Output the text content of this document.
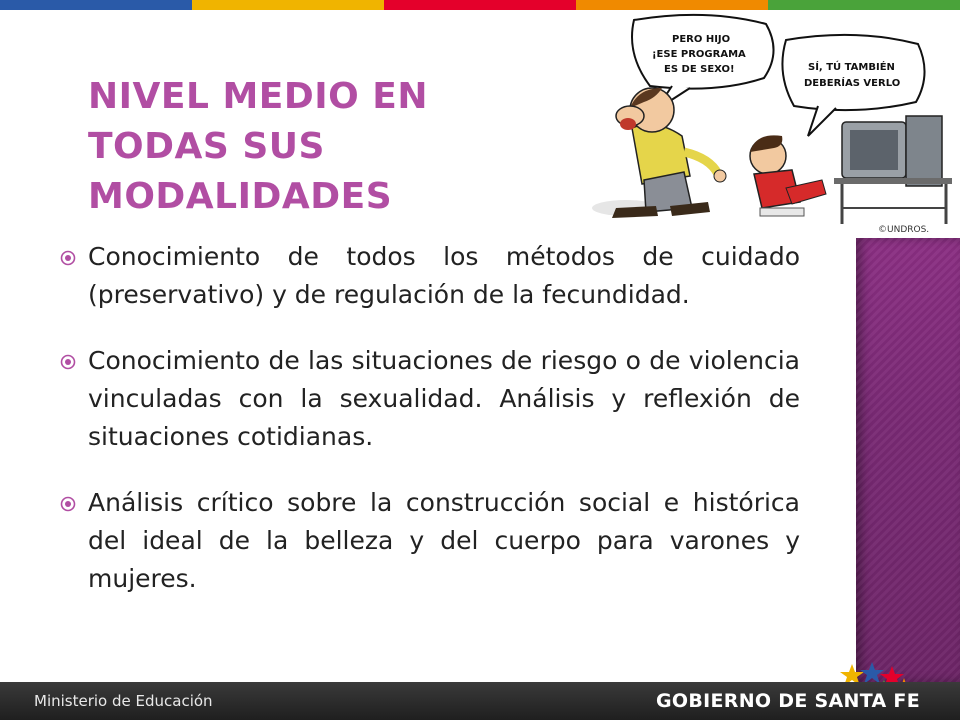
NIVEL MEDIO EN
TODAS SUS
MODALIDADES
PERO HIJO
¡ESE PROGRAMA
ES DE SEXO!	SÍ, TÚ TAMBIÉN
DEBERÍAS VERLO
©UNDROS.
Conocimiento de todos los métodos de cuidado (preservativo) y de regulación de la fecundidad.
Conocimiento de las situaciones de riesgo o de violencia vinculadas con la sexualidad. Análisis y reflexión de situaciones cotidianas.
Análisis crítico sobre la construcción social e histórica del ideal de la belleza y del cuerpo para varones y mujeres.
Ministerio de Educación	GOBIERNO DE SANTA FE
